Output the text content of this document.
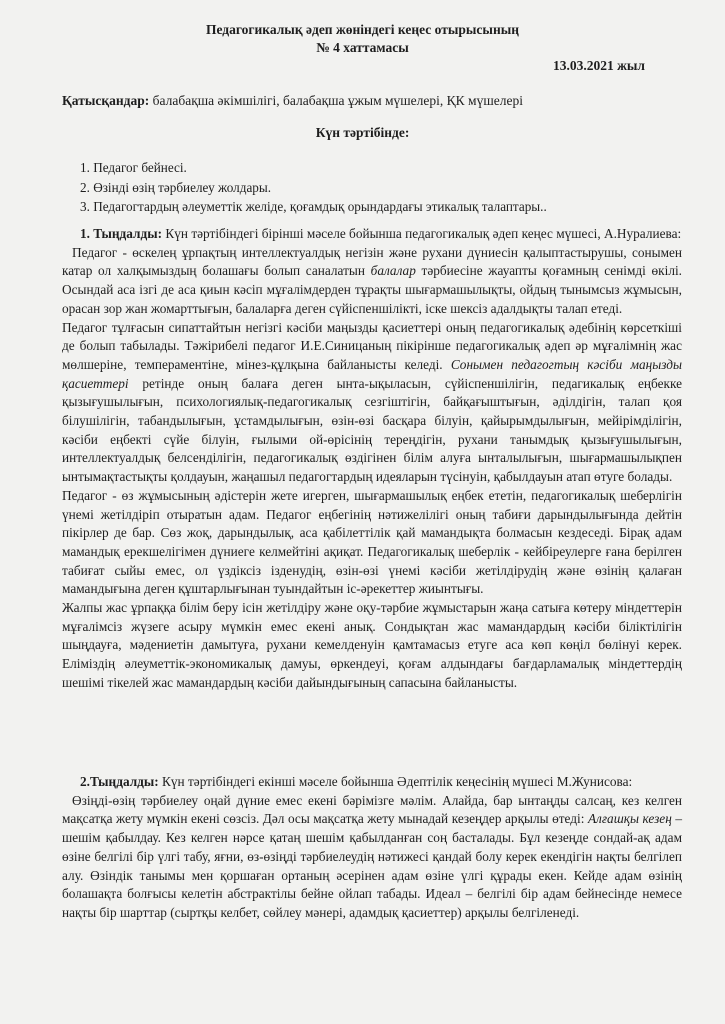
Педагогикалық әдеп жөніндегі кеңес отырысының

№ 4 хаттамасы

13.03.2021 жыл

Қатысқандар: балабақша әкімшілігі, балабақша ұжым мүшелері, ҚК мүшелері

Күн тәртібінде:

1. Педагог бейнесі.
2. Өзінді өзің тәрбиелеу жолдары.
3. Педагогтардың әлеуметтік желіде, қоғамдық орындардағы этикалық талаптары..

1. Тыңдалды: Күн тәртібіндегі бірінші мәселе бойынша педагогикалық әдеп кеңес мүшесі, А.Нуралиева:

Педагог - өскелең ұрпақтың интеллектуалдық негізін және рухани дүниесін қалыптастырушы, сонымен катар ол халқымыздың болашағы болып саналатын балалар тәрбиесіне жауапты қоғамның сенімді өкілі. Осындай аса ізгі де аса қиын кәсіп мұғалімдерден тұрақты шығармашылықты, ойдың тынымсыз жұмысын, орасан зор жан жомарттығын, балаларға деген сүйіспеншілікті, іске шексіз адалдықты талап етеді.

Педагог тұлғасын сипаттайтын негізгі кәсіби маңызды қасиеттері оның педагогикалық әдебінің көрсеткіші де болып табылады. Тәжірибелі педагог И.Е.Синицаның пікірінше педагогикалық әдеп әр мұғалімнің жас мөлшеріне, темпераментіне, мінез-құлқына байланысты келеді. Сонымен педагогтың кәсіби маңызды қасиеттері ретінде оның балаға деген ынта-ықыласын, сүйіспеншілігін, педагикалық еңбекке қызығушылығын, психологиялық-педагогикалық сезгіштігін, байқағыштығын, әділдігін, талап қоя білушілігін, табандылығын, ұстамдылығын, өзін-өзі басқара білуін, қайырымдылығын, мейірімділігін, кәсіби еңбекті сүйе білуін, ғылыми ой-өрісінің тереңдігін, рухани танымдық қызығушылығын, интеллектуалдық белсенділігін, педагогикалық өздігінен білім алуға ынталылығын, шығармашылықпен ынтымақтастықты қолдауын, жаңашыл педагогтардың идеяларын түсінуін, қабылдауын атап өтуге болады.

Педагог - өз жұмысының әдістерін жете игерген, шығармашылық еңбек ететін, педагогикалық шеберлігін үнемі жетілдіріп отыратын адам. Педагог еңбегінің нәтижелілігі оның табиғи дарындылығында дейтін пікірлер де бар. Сөз жоқ, дарындылық, аса қабілеттілік қай мамандықта болмасын кездеседі. Бірақ адам мамандық ерекшелігімен дүниеге келмейтіні ақиқат. Педагогикалық шеберлік - кейбіреулерге ғана берілген табиғат сыйы емес, ол үздіксіз ізденудің, өзін-өзі үнемі кәсіби жетілдірудің және өзінің қалаған мамандығына деген құштарлығынан туындайтын іс-әрекеттер жиынтығы.

Жалпы жас ұрпаққа білім беру ісін жетілдіру және оқу-тәрбие жұмыстарын жаңа сатыға көтеру міндеттерін мұғалімсіз жүзеге асыру мүмкін емес екені анық. Сондықтан жас мамандардың кәсіби біліктілігін шыңдауға, мәдениетін дамытуға, рухани кемелденуін қамтамасыз етуге аса көп көңіл бөлінуі керек. Еліміздің әлеуметтік-экономикалық дамуы, өркендеуі, қоғам алдындағы бағдарламалық міндеттердің шешімі тікелей жас мамандардың кәсіби дайындығының сапасына байланысты.

2.Тыңдалды: Күн тәртібіндегі екінші мәселе бойынша Әдептілік кеңесінің мүшесі М.Жунисова:

Өзіңді-өзің тәрбиелеу оңай дүние емес екені бәрімізге мәлім. Алайда, бар ынтаңды салсаң, кез келген мақсатқа жету мүмкін екені сөзсіз. Дәл осы мақсатқа жету мынадай кезеңдер арқылы өтеді: Алғашқы кезең – шешім қабылдау. Кез келген нәрсе қатаң шешім қабылданған соң басталады. Бұл кезеңде сондай-ақ адам өзіне белгілі бір үлгі табу, яғни, өз-өзіңді тәрбиелеудің нәтижесі қандай болу керек екендігін нақты белгілеп алу. Өзіндік танымы мен қоршаған ортаның әсерінен адам өзіне үлгі құрады екен. Кейде адам өзінің болашақта болғысы келетін абстрактілы бейне ойлап табады. Идеал – белгілі бір адам бейнесінде немесе нақты бір шарттар (сыртқы келбет, сөйлеу мәнері, адамдық қасиеттер) арқылы белгіленеді.
